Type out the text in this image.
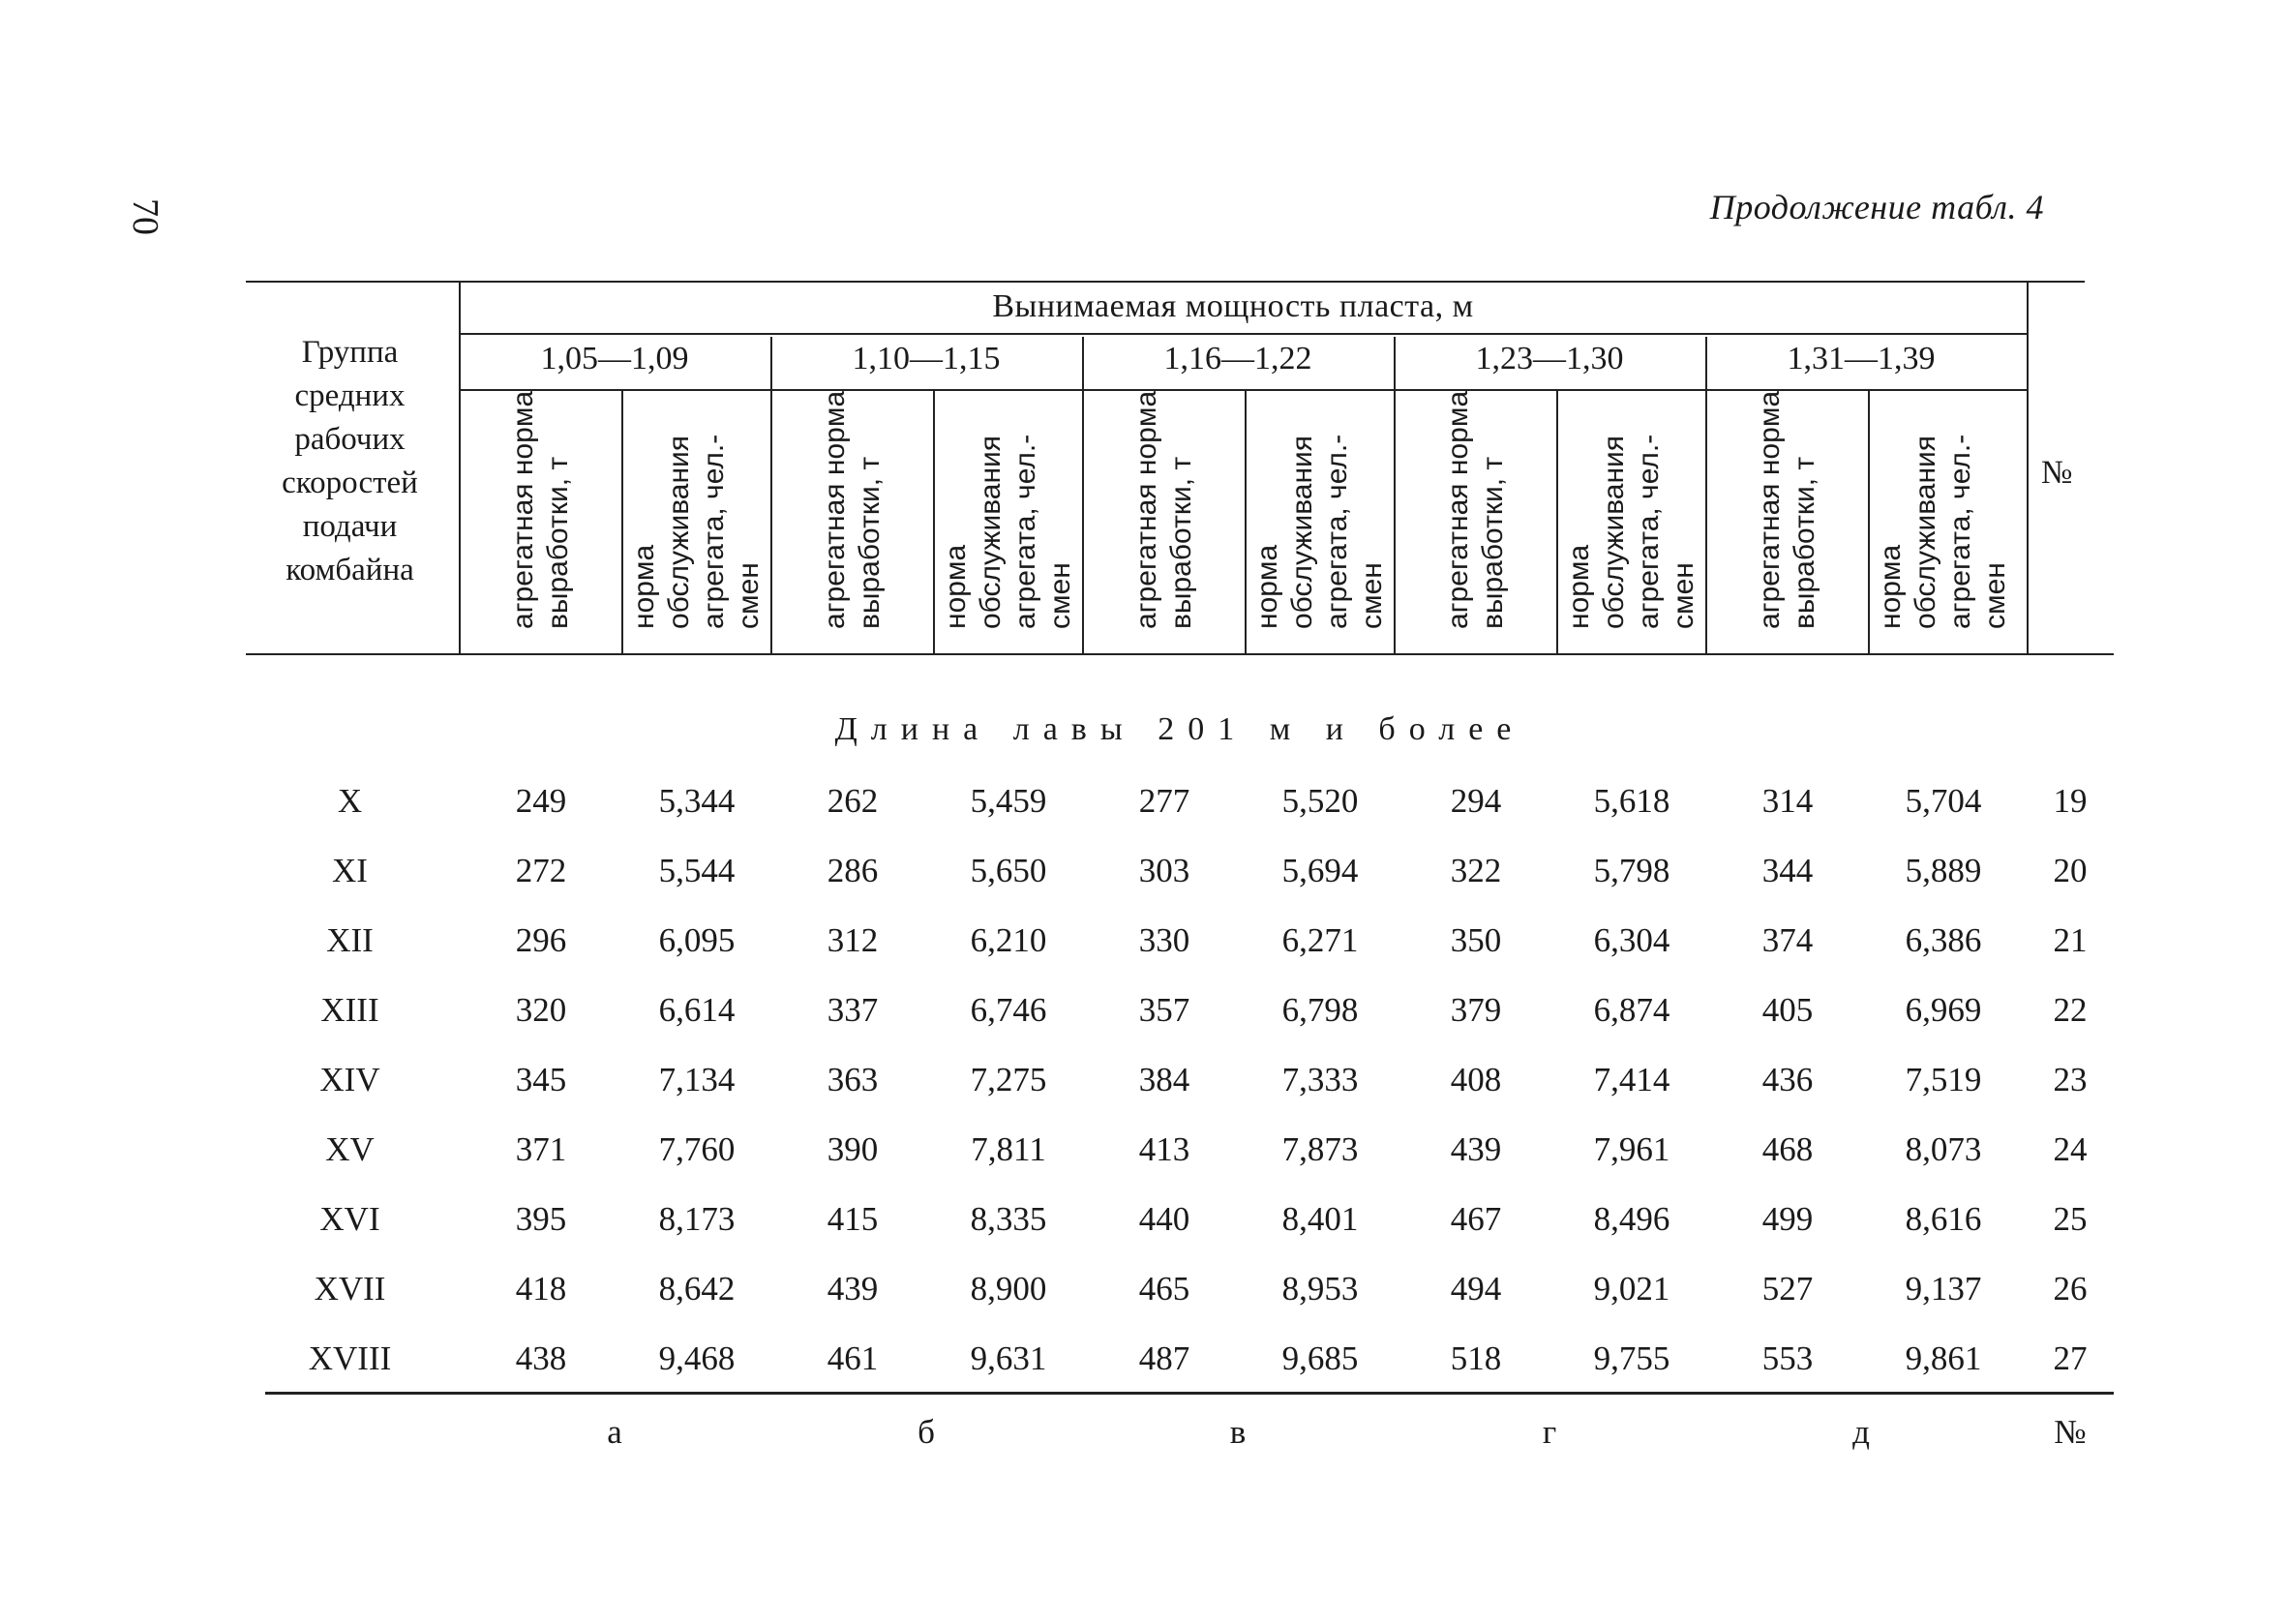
70	Продолжение табл. 4
Группа средних рабочих скоростей подачи комбайна
Вынимаемая мощность пласта, м
1,05—1,09	1,10—1,15	1,16—1,22	1,23—1,30	1,31—1,39
агрегатная норма выработки, т норма обслуживания агрегата, чел.-смен агрегатная норма выработки, т норма обслуживания агрегата, чел.-смен агрегатная норма выработки, т норма обслуживания агрегата, чел.-смен агрегатная норма выработки, т норма обслуживания агрегата, чел.-смен агрегатная норма выработки, т норма обслуживания агрегата, чел.-смен
№
Длина лавы 201 м и более
X	249	5,344	262	5,459	277	5,520	294	5,618	314	5,704	19
XI	272	5,544	286	5,650	303	5,694	322	5,798	344	5,889	20
XII	296	6,095	312	6,210	330	6,271	350	6,304	374	6,386	21
XIII	320	6,614	337	6,746	357	6,798	379	6,874	405	6,969	22
XIV	345	7,134	363	7,275	384	7,333	408	7,414	436	7,519	23
XV	371	7,760	390	7,811	413	7,873	439	7,961	468	8,073	24
XVI	395	8,173	415	8,335	440	8,401	467	8,496	499	8,616	25
XVII	418	8,642	439	8,900	465	8,953	494	9,021	527	9,137	26
XVIII	438	9,468	461	9,631	487	9,685	518	9,755	553	9,861	27
а	б	в	г	д	№
